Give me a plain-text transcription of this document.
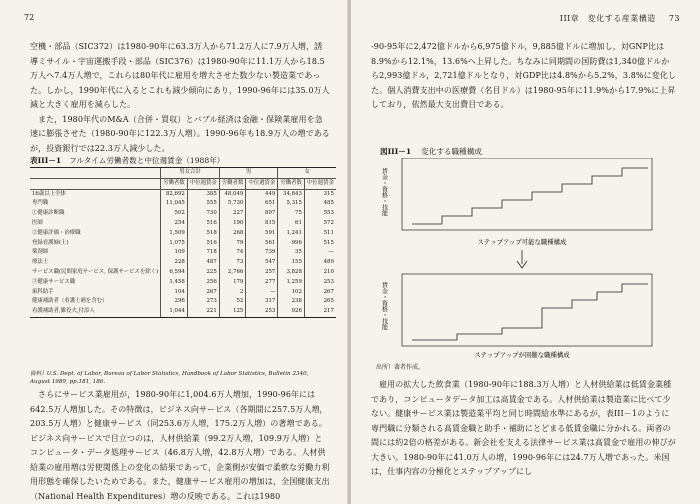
72

空機・部品（SIC372）は1980-90年に63.3万人から71.2万人に7.9万人増，誘導ミサイル・宇宙運搬手段・部品（SIC376）は1980-90年に11.1万人から18.5万人へ7.4万人増で，これらは80年代に雇用を増大させた数少ない製造業であった。しかし，1990年代に入るとこれも減少傾向にあり，1990-96年には35.0万人減と大きく雇用を減らした。

また，1980年代のM&A（合併・買収）とバブル経済は金融・保険業雇用を急速に膨張させた（1980-90年に122.3万人増）。1990-96年も18.9万人の増であるが，投資銀行では22.3万人減少した。

表III－1 フルタイム労働者数と中位週賃金（1988年）
	男女合計		男		女	
	労働者数	中位週賃金	労働者数	中位週賃金	労働者数	中位週賃金
16歳以上全体	82,692	385	48,049	449	34,643	315
専門職	11,045	555	5,730	651	5,315	485
①健康診断職	502	730	227	807	75	553
医師	254	516	190	815	61	572
②健康評価・治療職	1,509	518	268	591	1,241	511
登録看護婦(士)	1,075	516	79	561	996	515
薬剤師	109	718	74	739	35	—
療法士	228	487	73	547	155	489
サービス職(民間家庭サービス, 保護サービスを除く)	6,594	225	2,766	257	3,828	210
③健康サービス職	1,458	256	179	277	1,259	253
歯科助手	104	267	2	—	102	267
健康補助者（看護士補を含む）	296	273	52	317	238	265
看護補助者,雑役夫,付添人	1,044	221	125	253	926	217
資料）U.S. Dept. of Labor, Bureau of Labor Statistics, Handbook of Labor Statistics, Bulletin 2340, August 1989, pp.181, 186.

さらにサービス業雇用が，1980-90年に1,004.6万人増加，1990-96年には642.5万人増加した。その特徴は，ビジネス向サービス（各期間に257.5万人増，203.5万人増）と健康サービス（同253.6万人増，175.2万人増）の著増である。ビジネス向サービスで目立つのは，人材供給業（99.2万人増，109.9万人増）とコンピュータ・データ処理サービス（46.8万人増，42.8万人増）である。人材供給業の雇用増は労使関係上の変化の結果であって，企業側が安価で柔軟な労働力利用形態を確保したいためである。また，健康サービス雇用の増加は，全国健康支出（National Health Expenditures）増の反映である。これは1980

III章　変化する産業構造 73

-90-95年に2,472億ドルから6,975億ドル，9,885億ドルに増加し，対GNP比は8.9%から12.1%，13.6%へ上昇した。ちなみに同期間の国防費は1,340億ドルから2,993億ドル，2,721億ドルとなり，対GDP比は4.8%から5.2%，3.8%に変化した。個人消費支出中の医療費（名目ドル）は1980-95年に11.9%から17.9%に上昇しており，依然最大支出費目である。

図III－1 変化する職種構成
賃金・資格・技能
ステップアップ可能な職種構成
賃金・資格・技能
ステップアップが困難な職種構成
出所）著者作成。

雇用の拡大した飲食業（1980-90年に188.3万人増）と人材供給業は低賃金業種であり，コンピュータデータ加工は高賃金である。人材供給業は製造業に比べて少ない。健康サービス業は製造業平均と同じ時間給水準にあるが，表III－1のように専門職に分類される高賃金職と助手・補助にとどまる低賃金職に分かれる。両者の間には約2倍の格差がある。新会社を支える法律サービス業は高賃金で雇用の伸びが大きい。1980-90年に41.0万人の増，1990-96年には24.7万人増であった。米国は，仕事内容の分極化とステップアップにし
